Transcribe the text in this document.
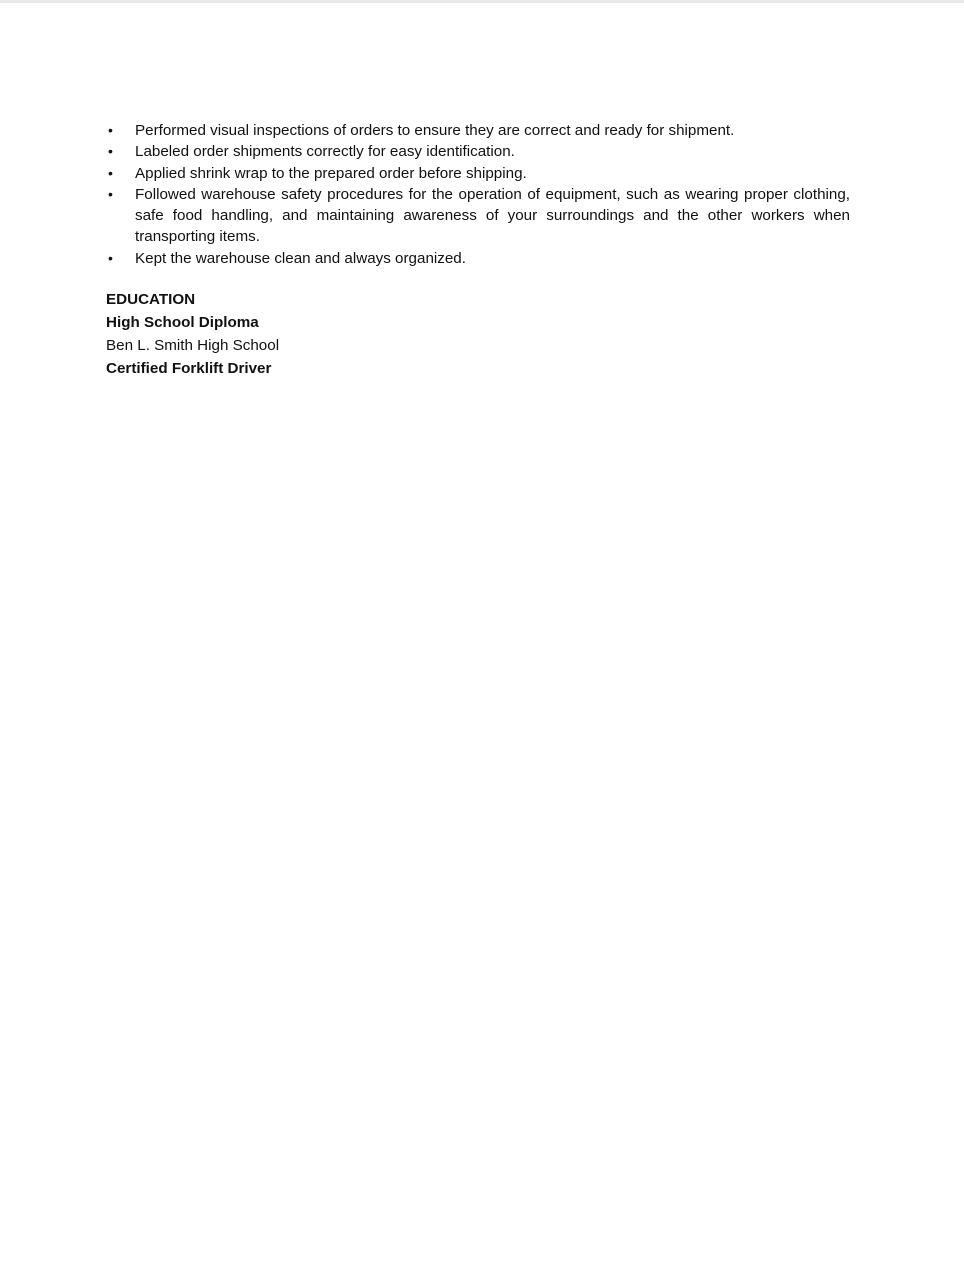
• Performed visual inspections of orders to ensure they are correct and ready for shipment.
• Labeled order shipments correctly for easy identification.
• Applied shrink wrap to the prepared order before shipping.
• Followed warehouse safety procedures for the operation of equipment, such as wearing proper clothing, safe food handling, and maintaining awareness of your surroundings and the other workers when transporting items.
• Kept the warehouse clean and always organized.
EDUCATION
High School Diploma
Ben L. Smith High School
Certified Forklift Driver
